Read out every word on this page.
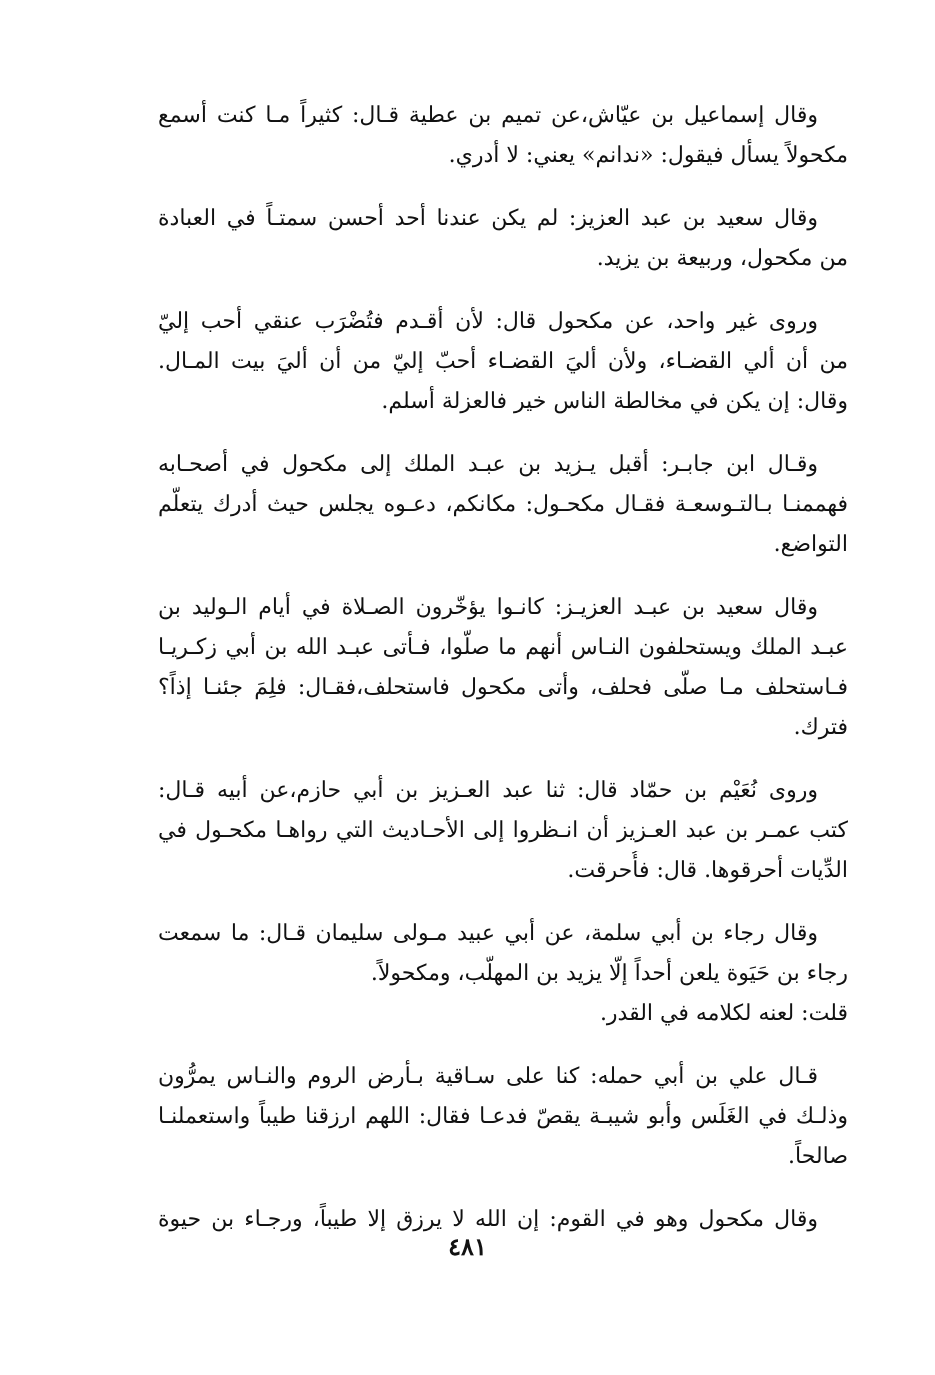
وقال إسماعيل بن عيّاش،عن تميم بن عطية قـال: كثيراً مـا كنت أسمع
مكحولاً يسأل فيقول: «ندانم» يعني: لا أدري.
وقال سعيد بن عبد العزيز: لم يكن عندنا أحد أحسن سمتـاً في العبادة
من مكحول، وربيعة بن يزيد.
وروى غير واحد، عن مكحول قال: لأن أقـدم فتُضْرَب عنقي أحب إليّ
من أن ألي القضـاء، ولأن أليَ القضـاء أحبّ إليّ من أن أليَ بيت المـال.
وقال: إن يكن في مخالطة الناس خير فالعزلة أسلم.
وقـال ابن جابـر: أقبل يـزيد بن عبـد الملك إلى مكحول في أصحـابه
فهممنـا بـالتـوسعـة فقـال مكحـول: مكانكم، دعـوه يجلس حيث أدرك يتعلّم
التواضع.
وقال سعيد بن عبـد العزيـز: كانـوا يؤخّرون الصـلاة في أيام الـوليد بن
عبـد الملك ويستحلفون النـاس أنهم ما صلّوا، فـأتى عبـد الله بن أبي زكـريـا
فـاستحلف مـا صلّى فحلف، وأتى مكحول فاستحلف،فقـال: فلِمَ جئنـا إذاً؟
فترك.
وروى نُعَيْم بن حمّاد قال: ثنا عبد العـزيز بن أبي حازم،عن أبيه قـال:
كتب عمـر بن عبد العـزيز أن انـظروا إلى الأحـاديث التي رواهـا مكحـول في
الدِّيات أحرقوها. قال: فأُحرقت.
وقال رجاء بن أبي سلمة، عن أبي عبيد مـولى سليمان قـال: ما سمعت
رجاء بن حَيَوة يلعن أحداً إلّا يزيد بن المهلّب، ومكحولاً.
قلت: لعنه لكلامه في القدر.
قـال علي بن أبي حمله: كنا على سـاقية بـأرض الروم والنـاس يمرُّون
وذلـك في الغَلَس وأبو شيبـة يقصّ فدعـا فقال: اللهم ارزقنا طيباً واستعملنـا
صالحاً.
وقال مكحول وهو في القوم: إن الله لا يرزق إلا طيباً، ورجـاء بن حيوة
٤٨١
